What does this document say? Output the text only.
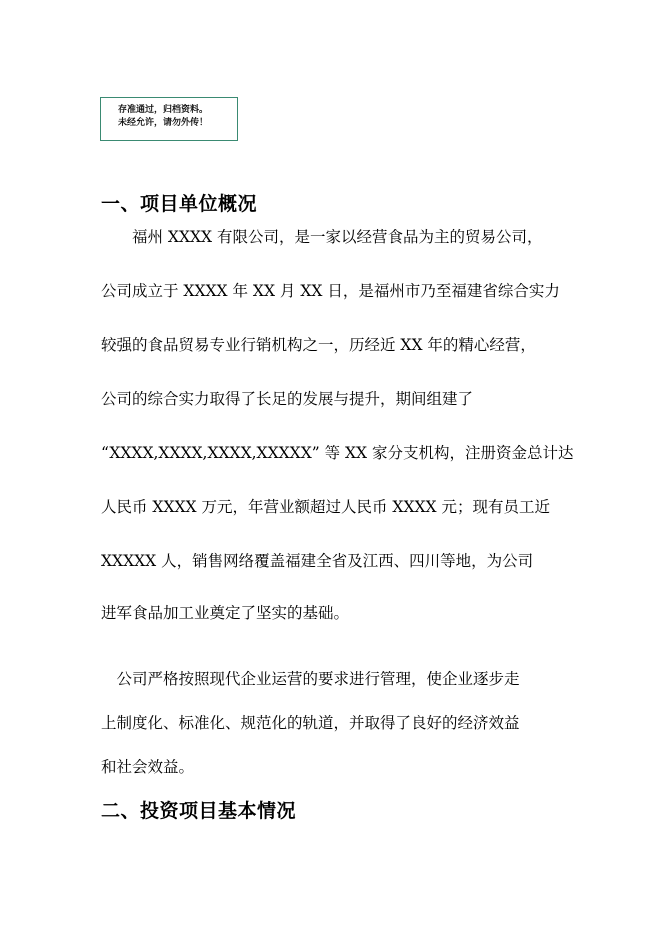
存准通过，归档资料。
未经允许，请勿外传！
一、项目单位概况
　　福州 XXXX 有限公司，是一家以经营食品为主的贸易公司，
公司成立于 XXXX 年 XX 月 XX 日，是福州市乃至福建省综合实力
较强的食品贸易专业行销机构之一，历经近 XX 年的精心经营，
公司的综合实力取得了长足的发展与提升，期间组建了
“XXXX,XXXX,XXXX,XXXXX” 等 XX 家分支机构，注册资金总计达
人民币 XXXX 万元，年营业额超过人民币 XXXX 元；现有员工近
XXXXX 人，销售网络覆盖福建全省及江西、四川等地，为公司
进军食品加工业奠定了坚实的基础。
　公司严格按照现代企业运营的要求进行管理，使企业逐步走
上制度化、标准化、规范化的轨道，并取得了良好的经济效益
和社会效益。
二、投资项目基本情况
